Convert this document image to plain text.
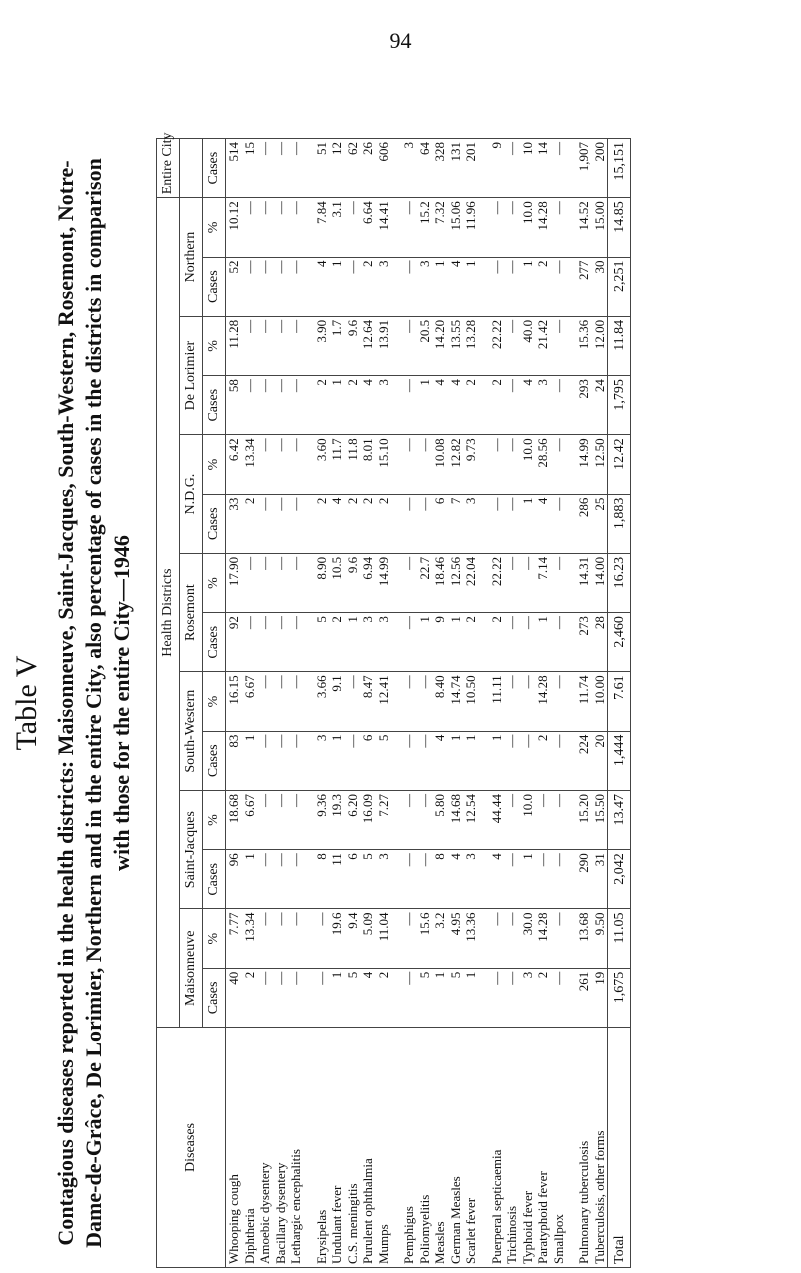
94
Table V Contagious diseases reported in the health districts: Maisonneuve, Saint-Jacques, South-Western, Rosemont, Notre-Dame-de-Grâce, De Lorimier, Northern and in the entire City, also percentage of cases in the districts in comparison with those for the entire City—1946
Diseases	Health Districts														Entire City
	Maisonneuve		Saint-Jacques		South-Western		Rosemont		N.D.G.		De Lorimier		Northern		
	Cases	%	Cases	%	Cases	%	Cases	%	Cases	%	Cases	%	Cases	%	Cases
Whooping cough	40	7.77	96	18.68	83	16.15	92	17.90	33	6.42	58	11.28	52	10.12	514
Diphtheria	2	13.34	1	6.67	1	6.67	—	—	2	13.34	—	—	—	—	15
Amoebic dysentery	—	—	—	—	—	—	—	—	—	—	—	—	—	—	—
Bacillary dysentery	—	—	—	—	—	—	—	—	—	—	—	—	—	—	—
Lethargic encephalitis	—	—	—	—	—	—	—	—	—	—	—	—	—	—	—

Erysipelas	—	—	8	9.36	3	3.66	5	8.90	2	3.60	2	3.90	4	7.84	51
Undulant fever	1	19.6	11	19.3	1	9.1	2	10.5	4	11.7	1	1.7	1	3.1	12
C.S. meningitis	5	9.4	6	6.20	—	—	1	9.6	2	11.8	2	9.6	—	—	62
Purulent ophthalmia	4	5.09	5	16.09	6	8.47	3	6.94	2	8.01	4	12.64	2	6.64	26
Mumps	2	11.04	3	7.27	5	12.41	3	14.99	2	15.10	3	13.91	3	14.41	606

Pemphigus	—	—	—	—	—	—	—	—	—	—	—	—	—	—	3
Poliomyelitis	5	15.6	—	—	—	—	1	22.7	—	—	1	20.5	3	15.2	64
Measles	1	3.2	8	5.80	4	8.40	9	18.46	6	10.08	4	14.20	1	7.32	328
German Measles	5	4.95	4	14.68	1	14.74	1	12.56	7	12.82	4	13.55	4	15.06	131
Scarlet fever	1	13.36	3	12.54	1	10.50	2	22.04	3	9.73	2	13.28	1	11.96	201

Puerperal septicaemia	—	—	4	44.44	1	11.11	2	22.22	—	—	2	22.22	—	—	9
Trichinosis	—	—	—	—	—	—	—	—	—	—	—	—	—	—	—
Typhoid fever	3	30.0	1	10.0	—	—	—	—	1	10.0	4	40.0	1	10.0	10
Paratyphoid fever	2	14.28	—	—	2	14.28	1	7.14	4	28.56	3	21.42	2	14.28	14
Smallpox	—	—	—	—	—	—	—	—	—	—	—	—	—	—	—

Pulmonary tuberculosis	261	13.68	290	15.20	224	11.74	273	14.31	286	14.99	293	15.36	277	14.52	1,907
Tuberculosis, other forms	19	9.50	31	15.50	20	10.00	28	14.00	25	12.50	24	12.00	30	15.00	200
Total	1,675	11.05	2,042	13.47	1,444	7.61	2,460	16.23	1,883	12.42	1,795	11.84	2,251	14.85	15,151
